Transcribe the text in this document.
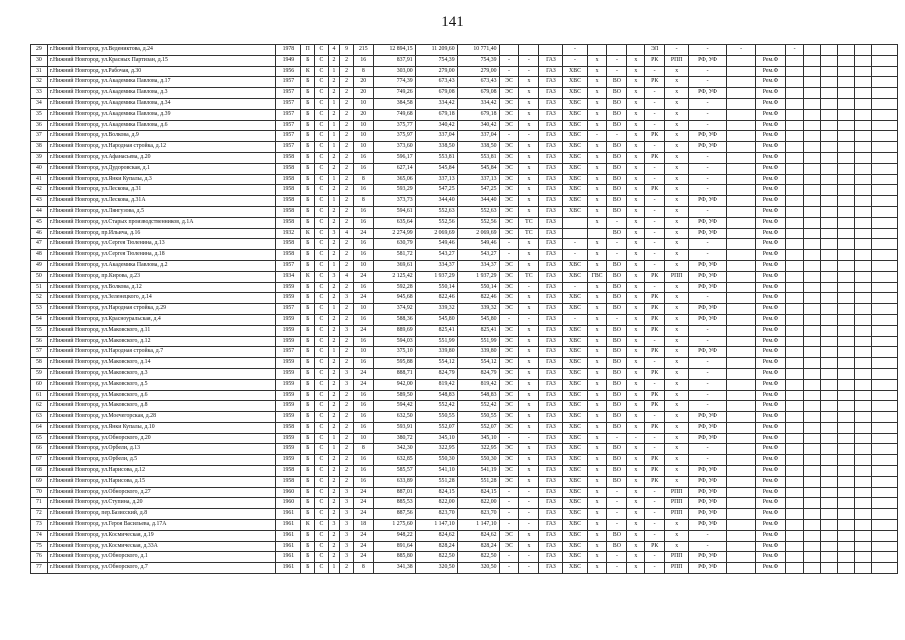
141
29	г.Нижний Новгород, ул.Ведениктова, д.24	1978	П	С	4	9	215	12 894,15	11 209,60	10 771,40				-				ЭЛ	-	-	-		-					
30	г.Нижний Новгород, ул.Красных Партизан, д.15	1949	Б	С	2	2	16	837,91	754,39	754,39	-	-	ГАЗ	-	х	-	х	РК	РПП	РФ, УФ		Рем.Ф						
31	г.Нижний Новгород, ул.Рабочая, д.30	1956	К	С	1	2	8	303,00	279,00	279,00	-	-	ГАЗ	ХВС	х	-	х	-	х	-		Рем.Ф						
32	г.Нижний Новгород, ул.Академика Павлова, д.17	1957	Б	С	2	2	20	774,39	673,43	673,43	ЭС	х	ГАЗ	ХВС	х	ВО	х	РК	х	-		Рем.Ф						
33	г.Нижний Новгород, ул.Академика Павлова, д.3	1957	Б	С	2	2	20	749,26	679,08	679,08	ЭС	х	ГАЗ	ХВС	х	ВО	х	-	х	РФ, УФ		Рем.Ф						
34	г.Нижний Новгород, ул.Академика Павлова, д.34	1957	Б	С	1	2	10	384,58	334,42	334,42	ЭС	х	ГАЗ	ХВС	х	ВО	х	-	х	-		Рем.Ф						
35	г.Нижний Новгород, ул.Академика Павлова, д.39	1957	Б	С	2	2	20	749,68	679,18	679,18	ЭС	х	ГАЗ	ХВС	х	ВО	х	-	х	-		Рем.Ф						
36	г.Нижний Новгород, ул.Академика Павлова, д.6	1957	Б	С	1	2	10	375,77	340,42	340,42	ЭС	х	ГАЗ	ХВС	х	ВО	х	-	х	-		Рем.Ф						
37	г.Нижний Новгород, ул.Волкова, д.9	1957	Б	С	1	2	10	375,97	337,04	337,04	-	-	ГАЗ	ХВС	-	-	х	РК	х	РФ, УФ		Рем.Ф						
38	г.Нижний Новгород, ул.Народная стройка, д.12	1957	Б	С	1	2	10	373,60	338,50	338,50	ЭС	х	ГАЗ	ХВС	х	ВО	х	-	х	РФ, УФ		Рем.Ф						
39	г.Нижний Новгород, ул.Афанасьева, д.20	1958	Б	С	2	2	16	596,17	553,81	553,81	ЭС	х	ГАЗ	ХВС	х	ВО	х	РК	х	-		Рем.Ф						
40	г.Нижний Новгород, ул.Дудоровская, д.1	1958	Б	С	2	2	16	627,14	545,84	545,84	ЭС	х	ГАЗ	ХВС	х	ВО	х	-	х	-		Рем.Ф						
41	г.Нижний Новгород, ул.Янки Купалы, д.3	1958	Б	С	1	2	8	365,06	337,13	337,13	ЭС	х	ГАЗ	ХВС	х	ВО	х	-	х	-		Рем.Ф						
42	г.Нижний Новгород, ул.Лескова, д.31	1958	Б	С	2	2	16	593,29	547,25	547,25	ЭС	х	ГАЗ	ХВС	х	ВО	х	РК	х	-		Рем.Ф						
43	г.Нижний Новгород, ул.Лескова, д.31А	1958	Б	С	1	2	8	373,73	344,40	344,40	ЭС	х	ГАЗ	ХВС	х	ВО	х	-	х	РФ, УФ		Рем.Ф						
44	г.Нижний Новгород, ул.Лянгузова, д.5	1958	Б	С	2	2	16	594,61	552,63	552,63	ЭС	х	ГАЗ	ХВС	х	ВО	х	-	х	-		Рем.Ф						
45	г.Нижний Новгород, ул.Старых производственников, д.1А	1958	Б	С	2	2	16	635,64	552,56	552,56	ЭС	ТС	ГАЗ		х	-	х	-	х	РФ, УФ		Рем.Ф						
46	г.Нижний Новгород, пр.Ильича, д.16	1932	К	С	3	4	24	2 274,99	2 069,69	2 069,69	ЭС	ТС	ГАЗ			ВО	х	-	х	РФ, УФ		Рем.Ф						
47	г.Нижний Новгород, ул.Сергея Тюленина, д.13	1958	Б	С	2	2	16	630,79	549,46	549,46	-	х	ГАЗ	-	х	-	х	-	х	-		Рем.Ф						
48	г.Нижний Новгород, ул.Сергея Тюленина, д.18	1958	Б	С	2	2	16	581,72	543,27	543,27	-	х	ГАЗ	-	х	-	х	-	х	-		Рем.Ф						
49	г.Нижний Новгород, ул.Академика Павлова, д.2	1957	Б	С	1	2	10	369,61	334,37	334,37	ЭС	х	ГАЗ	ХВС	х	ВО	х	-	х	РФ, УФ		Рем.Ф						
50	г.Нижний Новгород, пр.Кирова, д.23	1934	К	С	3	4	24	2 125,42	1 937,29	1 937,29	ЭС	ТС	ГАЗ	ХВС	ГВС	ВО	х	РК	РПП	РФ, УФ		Рем.Ф						
51	г.Нижний Новгород, ул.Волкова, д.12	1959	Б	С	2	2	16	592,28	550,14	550,14	ЭС	-	ГАЗ	-	х	ВО	х	-	х	РФ, УФ		Рем.Ф						
52	г.Нижний Новгород, ул.Зеленецкого, д.14	1959	Б	С	2	3	24	945,68	822,46	822,46	ЭС	х	ГАЗ	ХВС	х	ВО	х	РК	х	-		Рем.Ф						
53	г.Нижний Новгород, ул.Народная стройка, д.29	1957	Б	С	1	2	10	374,92	339,32	339,32	ЭС	х	ГАЗ	ХВС	х	ВО	х	РК	х	РФ, УФ		Рем.Ф						
54	г.Нижний Новгород, ул.Красноуральская, д.4	1959	Б	С	2	2	16	588,36	545,80	545,80	-	-	ГАЗ	-	х	-	х	РК	х	РФ, УФ		Рем.Ф						
55	г.Нижний Новгород, ул.Маковского, д.11	1959	Б	С	2	3	24	889,69	825,41	825,41	ЭС	х	ГАЗ	ХВС	х	ВО	х	РК	х	-		Рем.Ф						
56	г.Нижний Новгород, ул.Маковского, д.12	1959	Б	С	2	2	16	594,03	551,99	551,99	ЭС	х	ГАЗ	ХВС	х	ВО	х	-	х	-		Рем.Ф						
57	г.Нижний Новгород, ул.Народная стройка, д.7	1957	Б	С	1	2	10	375,10	339,80	339,80	ЭС	х	ГАЗ	ХВС	х	ВО	х	РК	х	РФ, УФ		Рем.Ф						
58	г.Нижний Новгород, ул.Маковского, д.14	1959	Б	С	2	2	16	595,88	554,12	554,12	ЭС	х	ГАЗ	ХВС	х	ВО	х	-	х	-		Рем.Ф						
59	г.Нижний Новгород, ул.Маковского, д.3	1959	Б	С	2	3	24	888,71	824,79	824,79	ЭС	х	ГАЗ	ХВС	х	ВО	х	РК	х	-		Рем.Ф						
60	г.Нижний Новгород, ул.Маковского, д.5	1959	Б	С	2	3	24	942,00	819,42	819,42	ЭС	х	ГАЗ	ХВС	х	ВО	х	-	х	-		Рем.Ф						
61	г.Нижний Новгород, ул.Маковского, д.6	1959	Б	С	2	2	16	589,50	548,83	548,83	ЭС	х	ГАЗ	ХВС	х	ВО	х	РК	х	-		Рем.Ф						
62	г.Нижний Новгород, ул.Маковского, д.8	1959	Б	С	2	2	16	594,42	552,42	552,42	ЭС	х	ГАЗ	ХВС	х	ВО	х	РК	х	-		Рем.Ф						
63	г.Нижний Новгород, ул.Моечегорская, д.28	1959	Б	С	2	2	16	632,50	550,55	550,55	ЭС	х	ГАЗ	ХВС	х	ВО	х	-	х	РФ, УФ		Рем.Ф						
64	г.Нижний Новгород, ул.Янки Купалы, д.10	1958	Б	С	2	2	16	593,91	552,07	552,07	ЭС	х	ГАЗ	ХВС	х	ВО	х	РК	х	РФ, УФ		Рем.Ф						
65	г.Нижний Новгород, ул.Обнорского, д.20	1959	Б	С	1	2	10	380,72	345,10	345,10	-	-	ГАЗ	ХВС	х	-	-	-	х	РФ, УФ		Рем.Ф						
66	г.Нижний Новгород, ул.Орбели, д.13	1959	Б	С	1	2	8	342,30	322,95	322,95	ЭС	х	ГАЗ	ХВС	х	ВО	х	-	х	-		Рем.Ф						
67	г.Нижний Новгород, ул.Орбели, д.5	1959	Б	С	2	2	16	632,85	550,30	550,30	ЭС	х	ГАЗ	ХВС	х	ВО	х	РК	х	-		Рем.Ф						
68	г.Нижний Новгород, ул.Нарисова, д.12	1958	Б	С	2	2	16	585,57	541,10	541,19	ЭС	х	ГАЗ	ХВС	х	ВО	х	РК	х	РФ, УФ		Рем.Ф						
69	г.Нижний Новгород, ул.Нарисова, д.15	1958	Б	С	2	2	16	633,89	551,28	551,28	ЭС	х	ГАЗ	ХВС	х	ВО	х	РК	х	РФ, УФ		Рем.Ф						
70	г.Нижний Новгород, ул.Обнорского, д.27	1960	Б	С	2	3	24	887,01	824,15	824,15	-	-	ГАЗ	ХВС	х	-	х	-	РПП	РФ, УФ		Рем.Ф						
71	г.Нижний Новгород, ул.Ступина, д.20	1960	Б	С	2	3	24	885,53	822,00	822,00	-	-	ГАЗ	ХВС	х	-	х	-	РПП	РФ, УФ		Рем.Ф						
72	г.Нижний Новгород, пер.Базисский, д.8	1961	Б	С	2	3	24	887,56	823,70	823,70	-	-	ГАЗ	ХВС	х	-	х	-	РПП	РФ, УФ		Рем.Ф						
73	г.Нижний Новгород, ул.Героя Васильева, д.17А	1961	К	С	3	3	18	1 275,60	1 147,10	1 147,10	-	-	ГАЗ	ХВС	х	-	х	-	х	РФ, УФ		Рем.Ф						
74	г.Нижний Новгород, ул.Космическая, д.19	1961	Б	С	2	3	24	948,22	824,62	824,62	ЭС	х	ГАЗ	ХВС	х	ВО	х	-	х	-		Рем.Ф						
75	г.Нижний Новгород, ул.Космическая, д.33А	1961	Б	С	2	3	24	891,64	828,24	828,24	ЭС	х	ГАЗ	ХВС	х	ВО	х	РК	х	-		Рем.Ф						
76	г.Нижний Новгород, ул.Обнорского, д.1	1961	Б	С	2	3	24	885,80	822,50	822,50	-	-	ГАЗ	ХВС	х	-	х	-	РПП	РФ, УФ		Рем.Ф						
77	г.Нижний Новгород, ул.Обнорского, д.7	1961	Б	С	1	2	8	341,38	320,50	320,50	-	-	ГАЗ	ХВС	х	-	х	-	РПП	РФ, УФ		Рем.Ф						
